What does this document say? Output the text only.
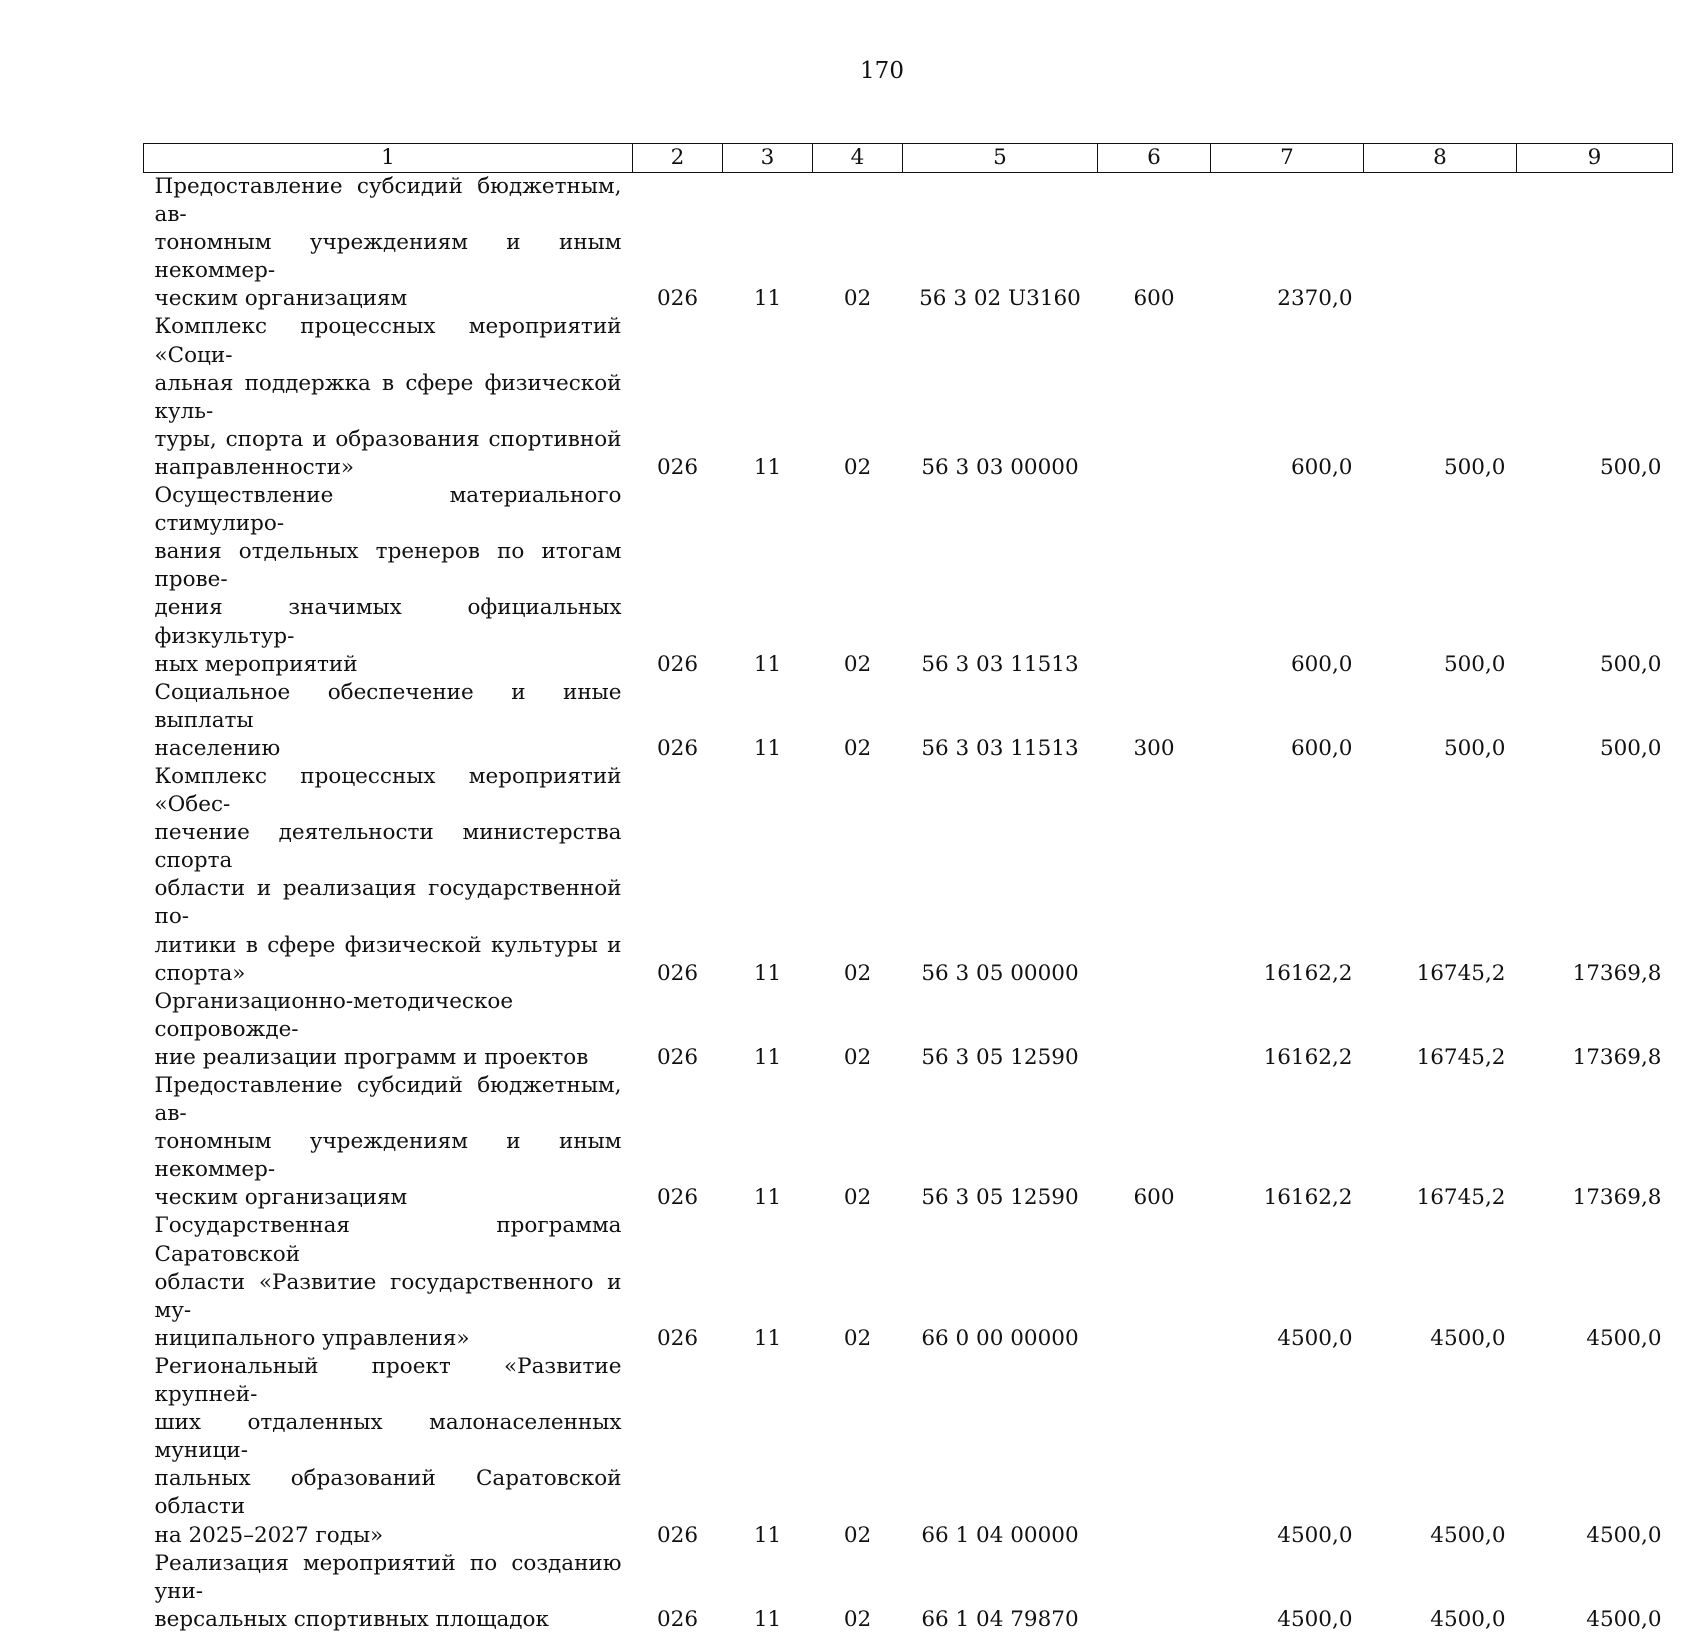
170
1	2	3	4	5	6	7	8	9

Предоставление субсидий бюджетным, ав-
тономным учреждениям и иным некоммер-
ческим организациям	026	11	02	56 3 02 U3160	600	2370,0		

Комплекс процессных мероприятий «Соци-
альная поддержка в сфере физической куль-
туры, спорта и образования спортивной
направленности»	026	11	02	56 3 03 00000		600,0	500,0	500,0

Осуществление материального стимулиро-
вания отдельных тренеров по итогам прове-
дения значимых официальных физкультур-
ных мероприятий	026	11	02	56 3 03 11513		600,0	500,0	500,0

Социальное обеспечение и иные выплаты
населению	026	11	02	56 3 03 11513	300	600,0	500,0	500,0

Комплекс процессных мероприятий «Обес-
печение деятельности министерства спорта
области и реализация государственной по-
литики в сфере физической культуры и
спорта»	026	11	02	56 3 05 00000		16162,2	16745,2	17369,8

Организационно-методическое сопровожде-
ние реализации программ и проектов	026	11	02	56 3 05 12590		16162,2	16745,2	17369,8

Предоставление субсидий бюджетным, ав-
тономным учреждениям и иным некоммер-
ческим организациям	026	11	02	56 3 05 12590	600	16162,2	16745,2	17369,8

Государственная программа Саратовской
области «Развитие государственного и му-
ниципального управления»	026	11	02	66 0 00 00000		4500,0	4500,0	4500,0

Региональный проект «Развитие крупней-
ших отдаленных малонаселенных муници-
пальных образований Саратовской области
на 2025–2027 годы»	026	11	02	66 1 04 00000		4500,0	4500,0	4500,0

Реализация мероприятий по созданию уни-
версальных спортивных площадок	026	11	02	66 1 04 79870		4500,0	4500,0	4500,0
